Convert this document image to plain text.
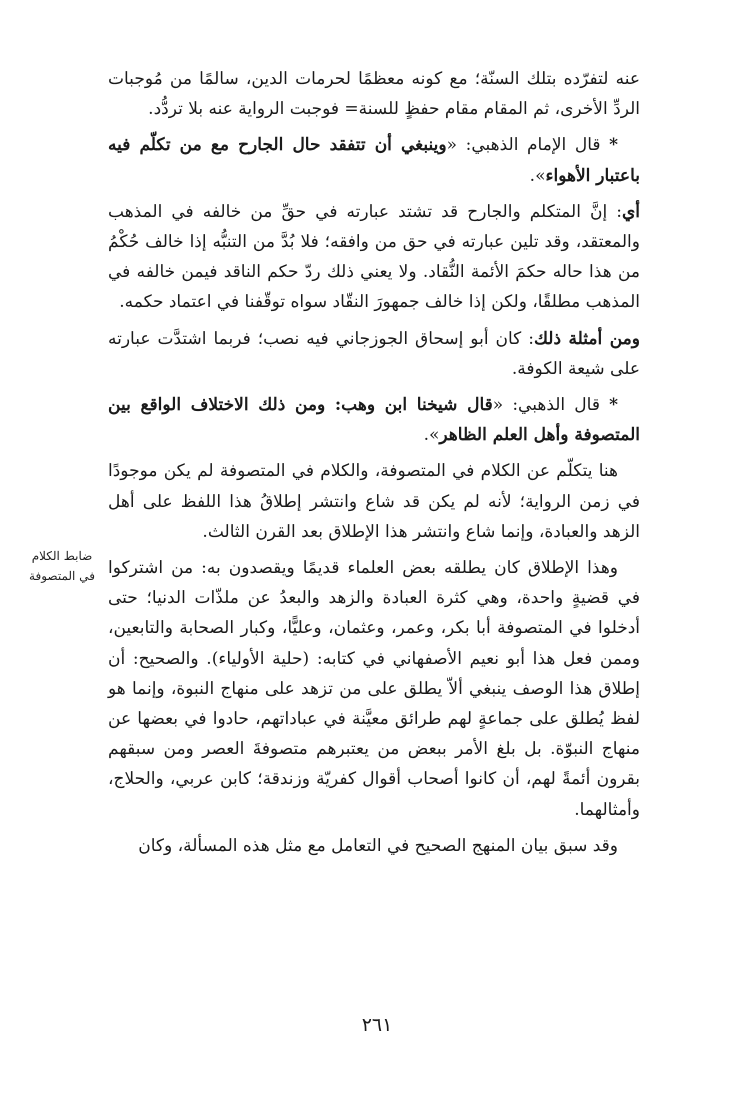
عنه لتفرّده بتلك السنّة؛ مع كونه معظمًا لحرمات الدين، سالمًا من مُوجبات الردِّ الأخرى، ثم المقام مقام حفظٍ للسنة= فوجبت الرواية عنه بلا تردُّد.

* قال الإمام الذهبي: «وينبغي أن تتفقد حال الجارح مع من تكلّم فيه باعتبار الأهواء».

أي: إنَّ المتكلم والجارح قد تشتد عبارته في حقِّ من خالفه في المذهب والمعتقد، وقد تلين عبارته في حق من وافقه؛ فلا بُدَّ من التنبُّه إذا خالف حُكْمُ من هذا حاله حكمَ الأئمة النُّقاد. ولا يعني ذلك ردّ حكم الناقد فيمن خالفه في المذهب مطلقًا، ولكن إذا خالف جمهورَ النقّاد سواه توقّفنا في اعتماد حكمه.

ومن أمثلة ذلك: كان أبو إسحاق الجوزجاني فيه نصب؛ فربما اشتدَّت عبارته على شيعة الكوفة.

* قال الذهبي: «قال شيخنا ابن وهب: ومن ذلك الاختلاف الواقع بين المتصوفة وأهل العلم الظاهر».

هنا يتكلّم عن الكلام في المتصوفة، والكلام في المتصوفة لم يكن موجودًا في زمن الرواية؛ لأنه لم يكن قد شاع وانتشر إطلاقُ هذا اللفظ على أهل الزهد والعبادة، وإنما شاع وانتشر هذا الإطلاق بعد القرن الثالث.

وهذا الإطلاق كان يطلقه بعض العلماء قديمًا ويقصدون به: من اشتركوا في قضيةٍ واحدة، وهي كثرة العبادة والزهد والبعدُ عن ملذّات الدنيا؛ حتى أدخلوا في المتصوفة أبا بكر، وعمر، وعثمان، وعليًّا، وكبار الصحابة والتابعين، وممن فعل هذا أبو نعيم الأصفهاني في كتابه: (حلية الأولياء). والصحيح: أن إطلاق هذا الوصف ينبغي ألاّ يطلق على من تزهد على منهاج النبوة، وإنما هو لفظ يُطلق على جماعةٍ لهم طرائق معيَّنة في عباداتهم، حادوا في بعضها عن منهاج النبوّة. بل بلغ الأمر ببعض من يعتبرهم متصوفةَ العصر ومن سبقهم بقرون أئمةً لهم، أن كانوا أصحاب أقوال كفريّة وزندقة؛ كابن عربي، والحلاج، وأمثالهما.

وقد سبق بيان المنهج الصحيح في التعامل مع مثل هذه المسألة، وكان

ضابط الكلام
في المتصوفة
٢٦١
